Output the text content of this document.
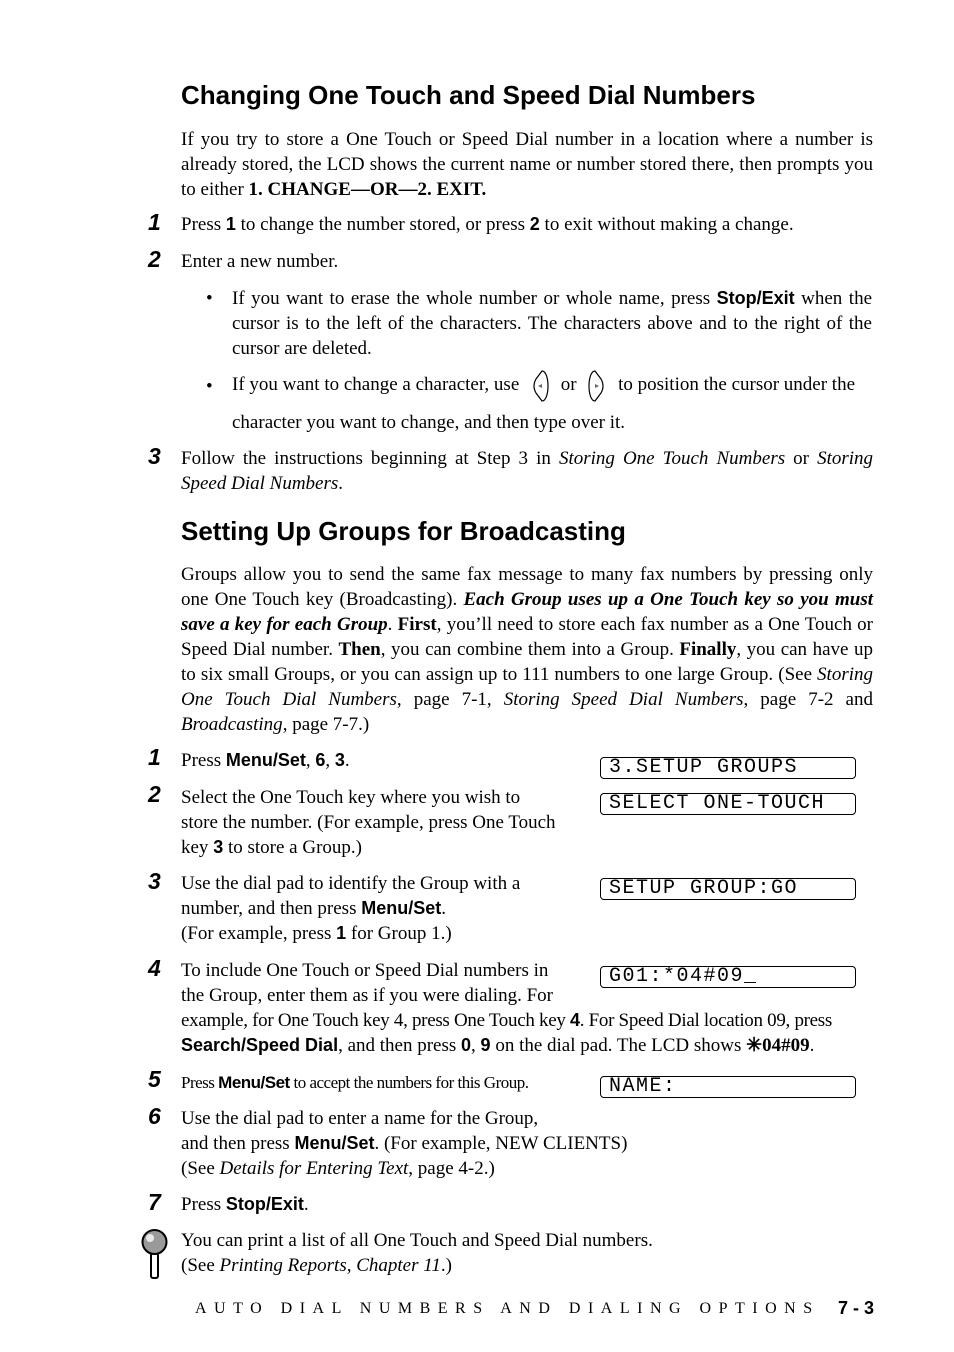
Changing One Touch and Speed Dial Numbers

If you try to store a One Touch or Speed Dial number in a location where a number is already stored, the LCD shows the current name or number stored there, then prompts you to either 1. CHANGE—OR—2. EXIT.

1 Press 1 to change the number stored, or press 2 to exit without making a change.

2 Enter a new number.

• If you want to erase the whole number or whole name, press Stop/Exit when the cursor is to the left of the characters. The characters above and to the right of the cursor are deleted.

• If you want to change a character, use  or  to position the cursor under the

character you want to change, and then type over it.

3 Follow the instructions beginning at Step 3 in Storing One Touch Numbers or Storing Speed Dial Numbers.

Setting Up Groups for Broadcasting

Groups allow you to send the same fax message to many fax numbers by pressing only one One Touch key (Broadcasting). Each Group uses up a One Touch key so you must save a key for each Group. First, you’ll need to store each fax number as a One Touch or Speed Dial number. Then, you can combine them into a Group. Finally, you can have up to six small Groups, or you can assign up to 111 numbers to one large Group. (See Storing One Touch Dial Numbers, page 7-1, Storing Speed Dial Numbers, page 7-2 and Broadcasting, page 7-7.)

1 Press Menu/Set, 6, 3.	3.SETUP GROUPS
2 Select the One Touch key where you wish to store the number. (For example, press One Touch key 3 to store a Group.)

SELECT ONE-TOUCH
3 Use the dial pad to identify the Group with a number, and then press Menu/Set.
(For example, press 1 for Group 1.)

SETUP GROUP:GO
4 To include One Touch or Speed Dial numbers in
the Group, enter them as if you were dialing. For
example, for One Touch key 4, press One Touch key 4. For Speed Dial location 09, press
Search/Speed Dial, and then press 0, 9 on the dial pad. The LCD shows ✳04#09.

G01:*04#09_
5 Press Menu/Set to accept the numbers for this Group.	NAME:
6 Use the dial pad to enter a name for the Group,
and then press Menu/Set. (For example, NEW CLIENTS)
(See Details for Entering Text, page 4-2.)

7 Press Stop/Exit.

You can print a list of all One Touch and Speed Dial numbers.
(See Printing Reports, Chapter 11.)

AUTO DIAL NUMBERS AND DIALING OPTIONS 7 - 3
